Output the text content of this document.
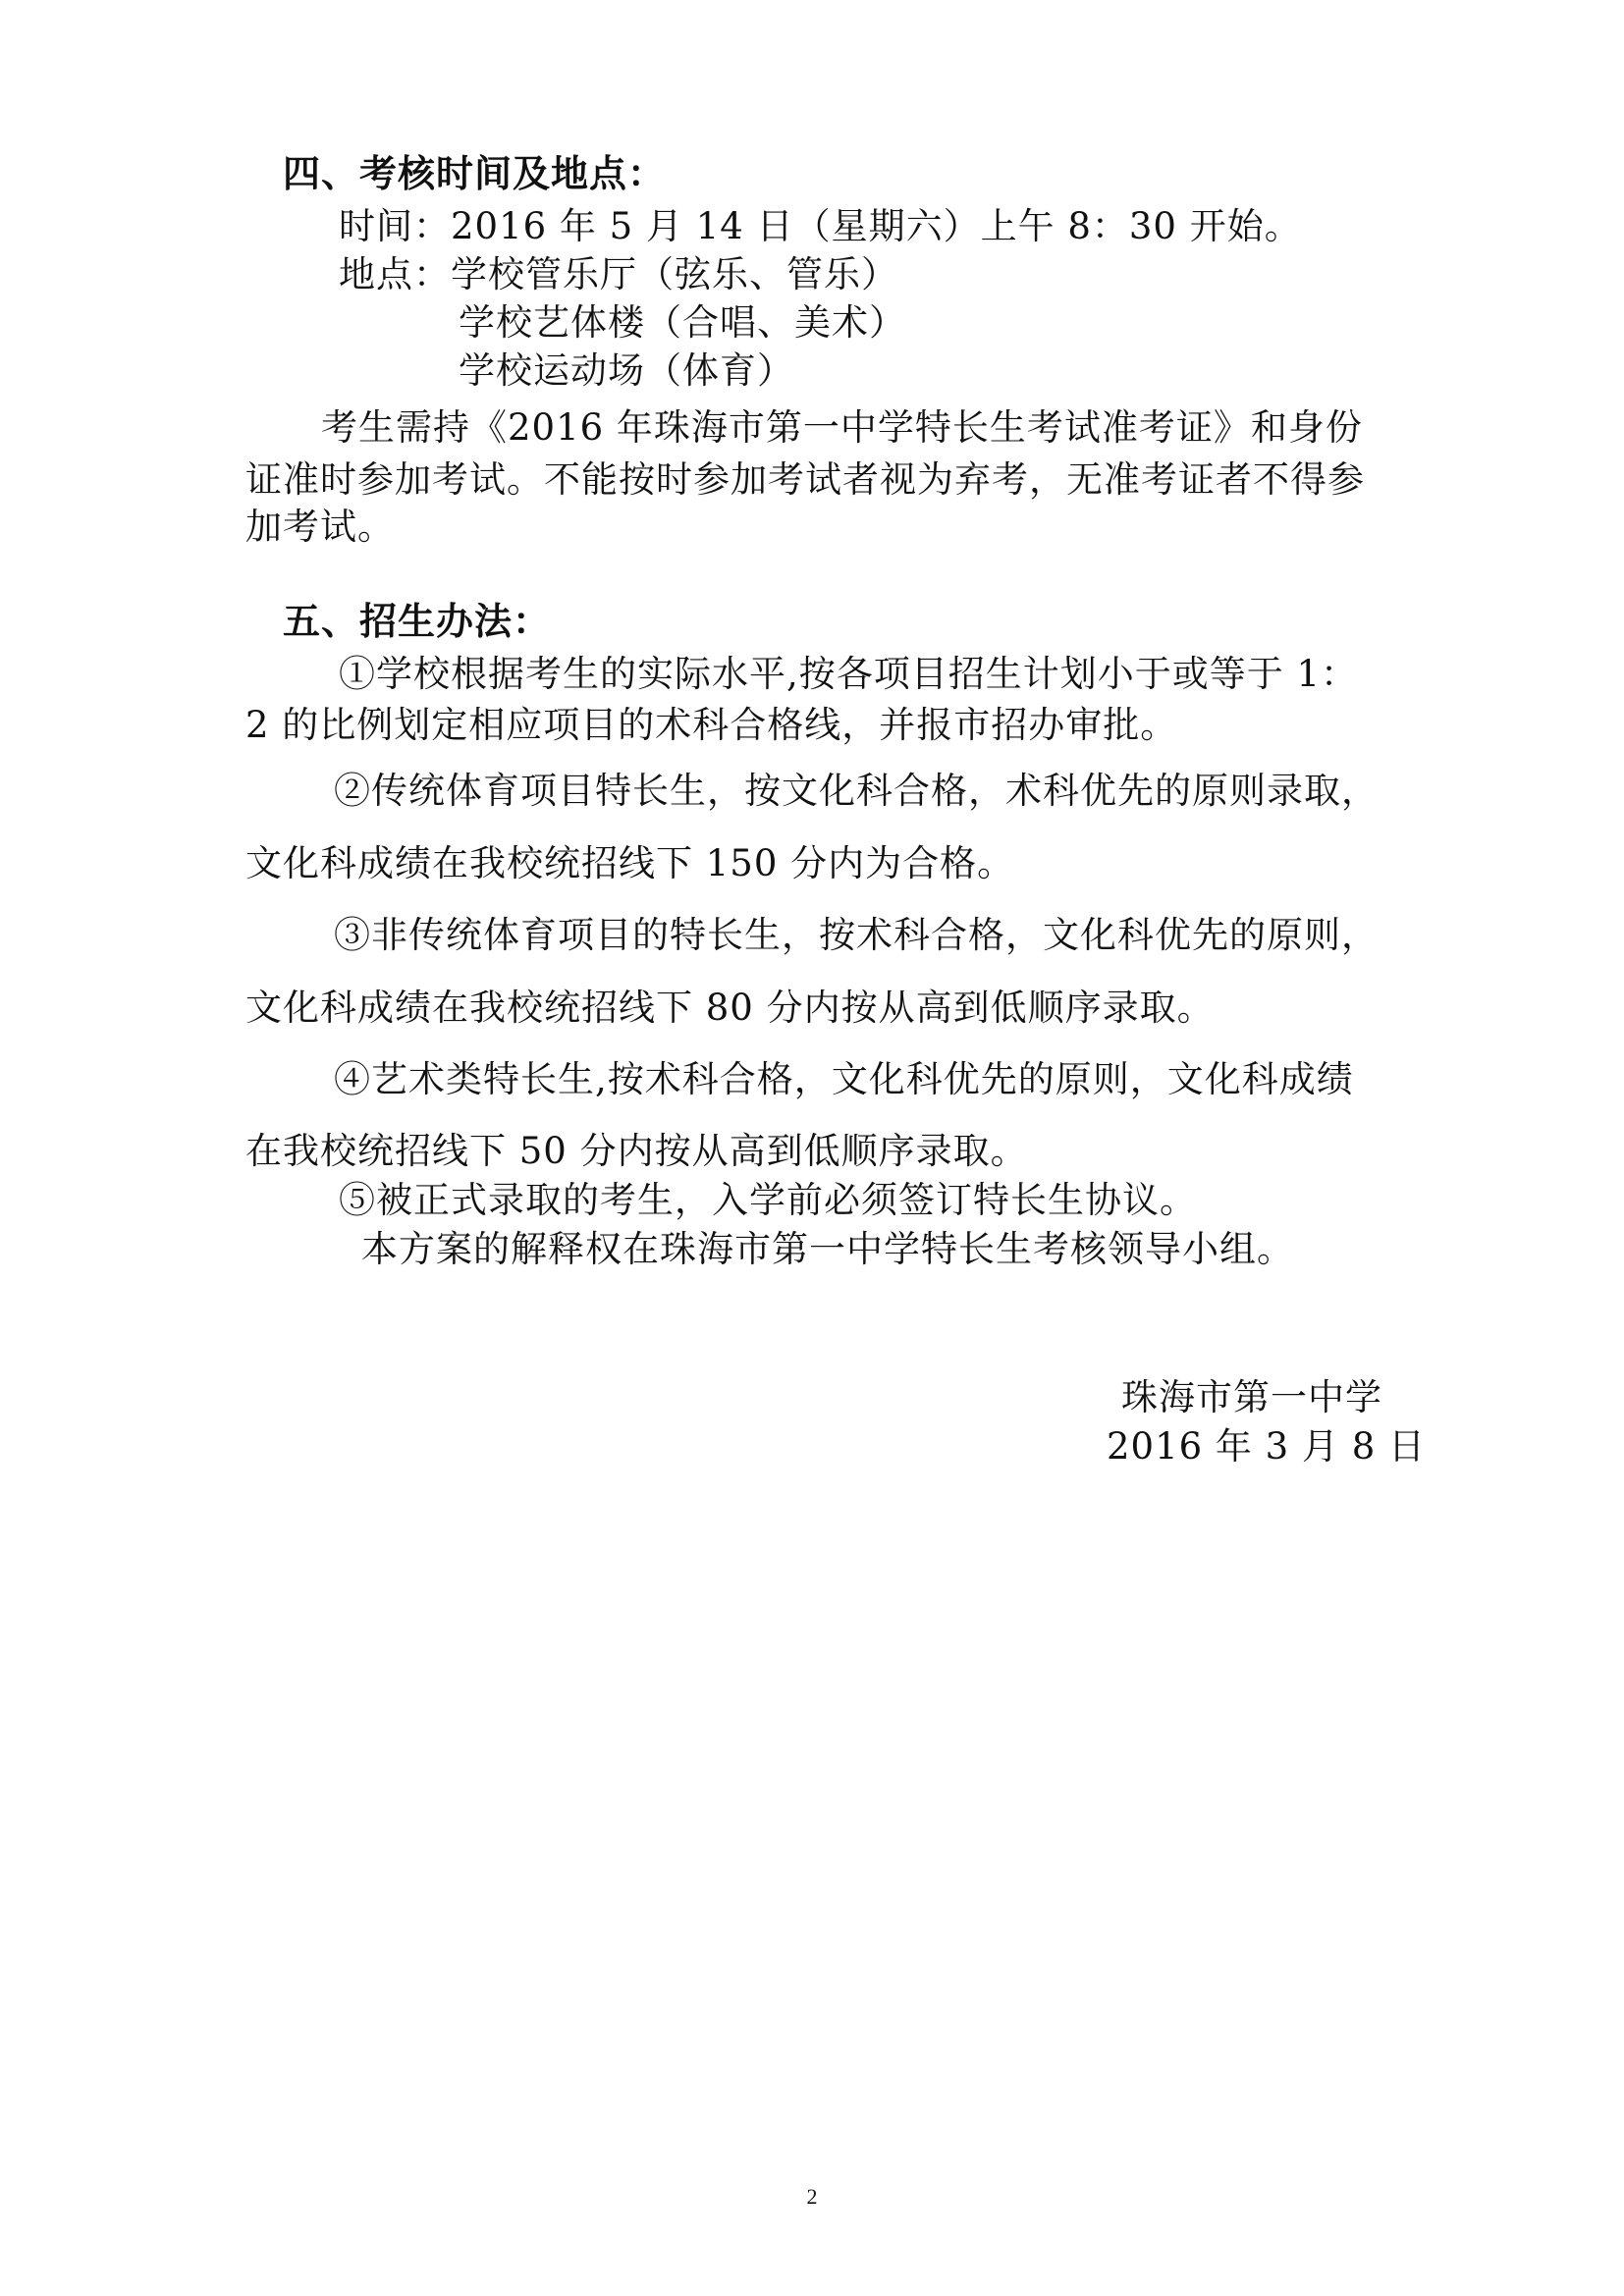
四、考核时间及地点：
时间：2016 年 5 月 14 日（星期六）上午 8：30 开始。
地点：学校管乐厅（弦乐、管乐）
学校艺体楼（合唱、美术）
学校运动场（体育）
考生需持《2016 年珠海市第一中学特长生考试准考证》和身份
证准时参加考试。不能按时参加考试者视为弃考，无准考证者不得参
加考试。
五、招生办法：
①学校根据考生的实际水平,按各项目招生计划小于或等于 1：
2 的比例划定相应项目的术科合格线，并报市招办审批。
②传统体育项目特长生，按文化科合格，术科优先的原则录取，
文化科成绩在我校统招线下 150 分内为合格。
③非传统体育项目的特长生，按术科合格，文化科优先的原则，
文化科成绩在我校统招线下 80 分内按从高到低顺序录取。
④艺术类特长生,按术科合格，文化科优先的原则，文化科成绩
在我校统招线下 50 分内按从高到低顺序录取。
⑤被正式录取的考生，入学前必须签订特长生协议。
本方案的解释权在珠海市第一中学特长生考核领导小组。
珠海市第一中学
2016 年 3 月 8 日
2
